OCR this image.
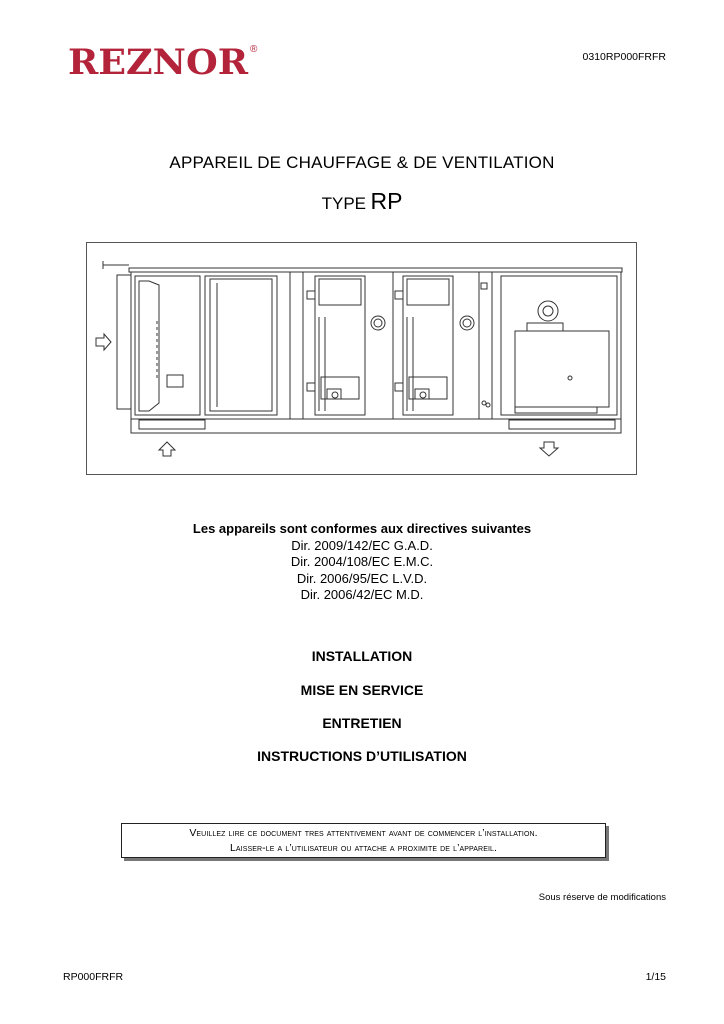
REZNOR ®
0310RP000FRFR
APPAREIL DE CHAUFFAGE & DE VENTILATION
TYPE RP
Les appareils sont conformes aux directives suivantes
Dir. 2009/142/EC G.A.D.
Dir. 2004/108/EC E.M.C.
Dir. 2006/95/EC L.V.D.
Dir. 2006/42/EC M.D.
INSTALLATION
MISE EN SERVICE
ENTRETIEN
INSTRUCTIONS D’UTILISATION
Veuillez lire ce document tres attentivement avant de commencer l’installation.
Laisser-le a l’utilisateur ou attache a proximite de l’appareil.
Sous réserve de modifications
RP000FRFR	1/15
